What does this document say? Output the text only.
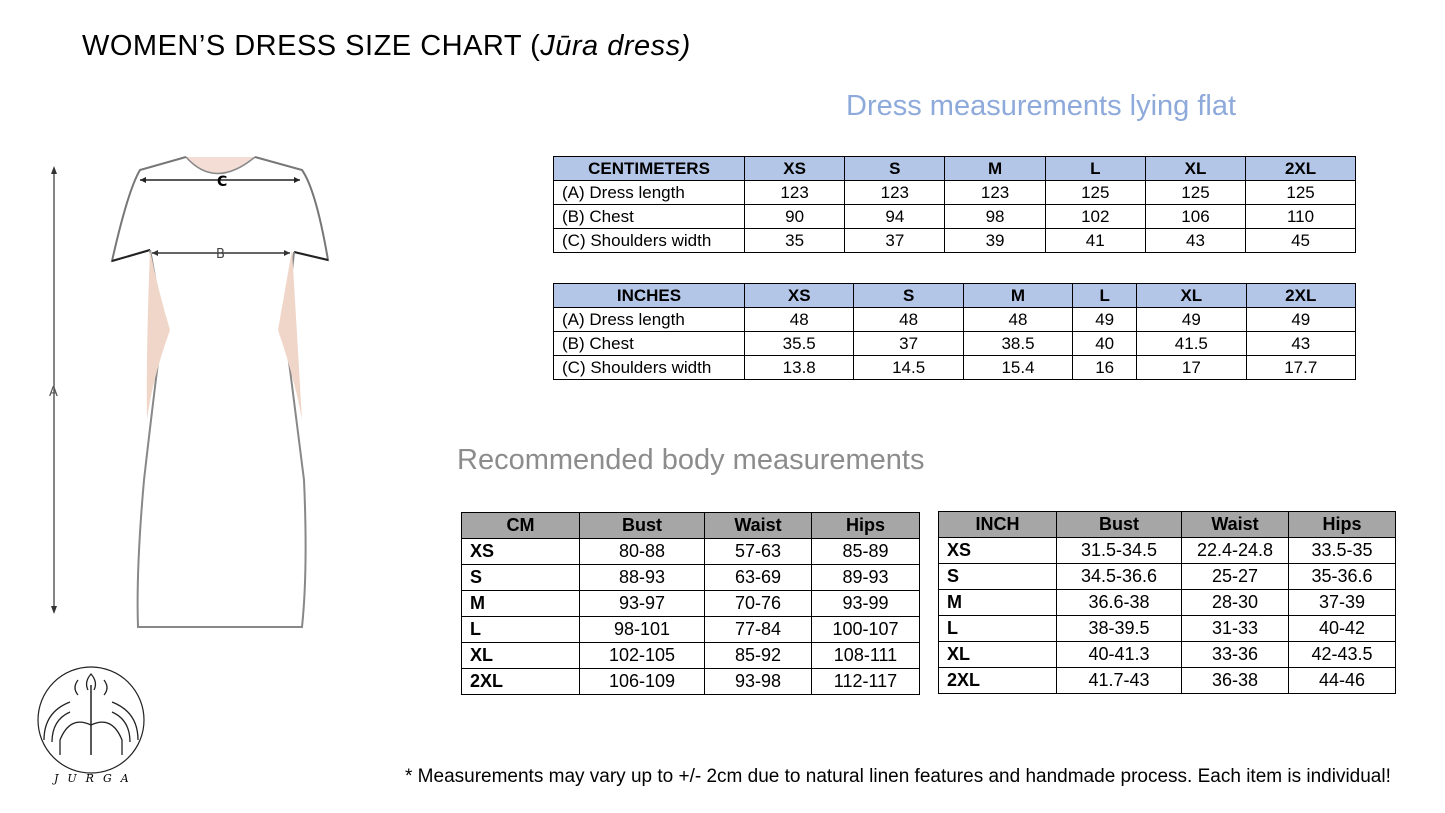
WOMEN’S DRESS SIZE CHART (Jūra dress)
Dress measurements lying flat
Recommended body measurements
A
C
B
JURGA
CENTIMETERS	XS	S	M	L	XL	2XL
(A) Dress length	123	123	123	125	125	125
(B) Chest	90	94	98	102	106	110
(C) Shoulders width	35	37	39	41	43	45
INCHES	XS	S	M	L	XL	2XL
(A) Dress length	48	48	48	49	49	49
(B) Chest	35.5	37	38.5	40	41.5	43
(C) Shoulders width	13.8	14.5	15.4	16	17	17.7
CM	Bust	Waist	Hips
XS	80-88	57-63	85-89
S	88-93	63-69	89-93
M	93-97	70-76	93-99
L	98-101	77-84	100-107
XL	102-105	85-92	108-111
2XL	106-109	93-98	112-117
INCH	Bust	Waist	Hips
XS	31.5-34.5	22.4-24.8	33.5-35
S	34.5-36.6	25-27	35-36.6
M	36.6-38	28-30	37-39
L	38-39.5	31-33	40-42
XL	40-41.3	33-36	42-43.5
2XL	41.7-43	36-38	44-46
* Measurements may vary up to +/- 2cm due to natural linen features and handmade process. Each item is individual!
